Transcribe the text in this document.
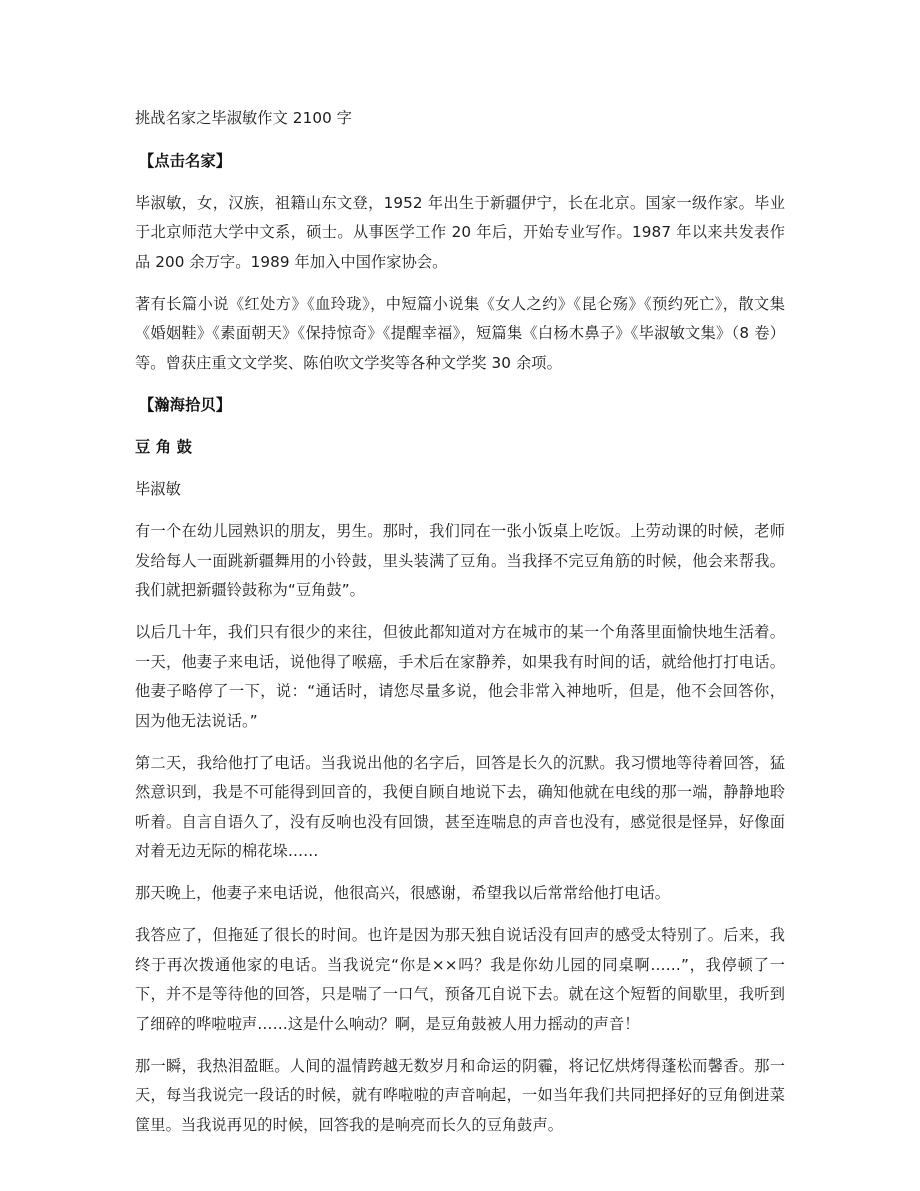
挑战名家之毕淑敏作文 2100 字

【点击名家】

毕淑敏，女，汉族，祖籍山东文登，1952 年出生于新疆伊宁，长在北京。国家一级作家。毕业于北京师范大学中文系，硕士。从事医学工作 20 年后，开始专业写作。1987 年以来共发表作品 200 余万字。1989 年加入中国作家协会。

著有长篇小说《红处方》《血玲珑》，中短篇小说集《女人之约》《昆仑殇》《预约死亡》，散文集《婚姻鞋》《素面朝天》《保持惊奇》《提醒幸福》，短篇集《白杨木鼻子》《毕淑敏文集》（8 卷）等。曾获庄重文文学奖、陈伯吹文学奖等各种文学奖 30 余项。

【瀚海拾贝】

豆 角 鼓

毕淑敏

有一个在幼儿园熟识的朋友，男生。那时，我们同在一张小饭桌上吃饭。上劳动课的时候，老师发给每人一面跳新疆舞用的小铃鼓，里头装满了豆角。当我择不完豆角筋的时候，他会来帮我。我们就把新疆铃鼓称为“豆角鼓”。

以后几十年，我们只有很少的来往，但彼此都知道对方在城市的某一个角落里面愉快地生活着。一天，他妻子来电话，说他得了喉癌，手术后在家静养，如果我有时间的话，就给他打打电话。他妻子略停了一下，说：“通话时，请您尽量多说，他会非常入神地听，但是，他不会回答你，因为他无法说话。”

第二天，我给他打了电话。当我说出他的名字后，回答是长久的沉默。我习惯地等待着回答，猛然意识到，我是不可能得到回音的，我便自顾自地说下去，确知他就在电线的那一端，静静地聆听着。自言自语久了，没有反响也没有回馈，甚至连喘息的声音也没有，感觉很是怪异，好像面对着无边无际的棉花垛……

那天晚上，他妻子来电话说，他很高兴，很感谢，希望我以后常常给他打电话。

我答应了，但拖延了很长的时间。也许是因为那天独自说话没有回声的感受太特别了。后来，我终于再次拨通他家的电话。当我说完“你是××吗？我是你幼儿园的同桌啊……”，我停顿了一下，并不是等待他的回答，只是喘了一口气，预备兀自说下去。就在这个短暂的间歇里，我听到了细碎的哗啦啦声……这是什么响动？啊，是豆角鼓被人用力摇动的声音！

那一瞬，我热泪盈眶。人间的温情跨越无数岁月和命运的阴霾，将记忆烘烤得蓬松而馨香。那一天，每当我说完一段话的时候，就有哗啦啦的声音响起，一如当年我们共同把择好的豆角倒进菜筐里。当我说再见的时候，回答我的是响亮而长久的豆角鼓声。
